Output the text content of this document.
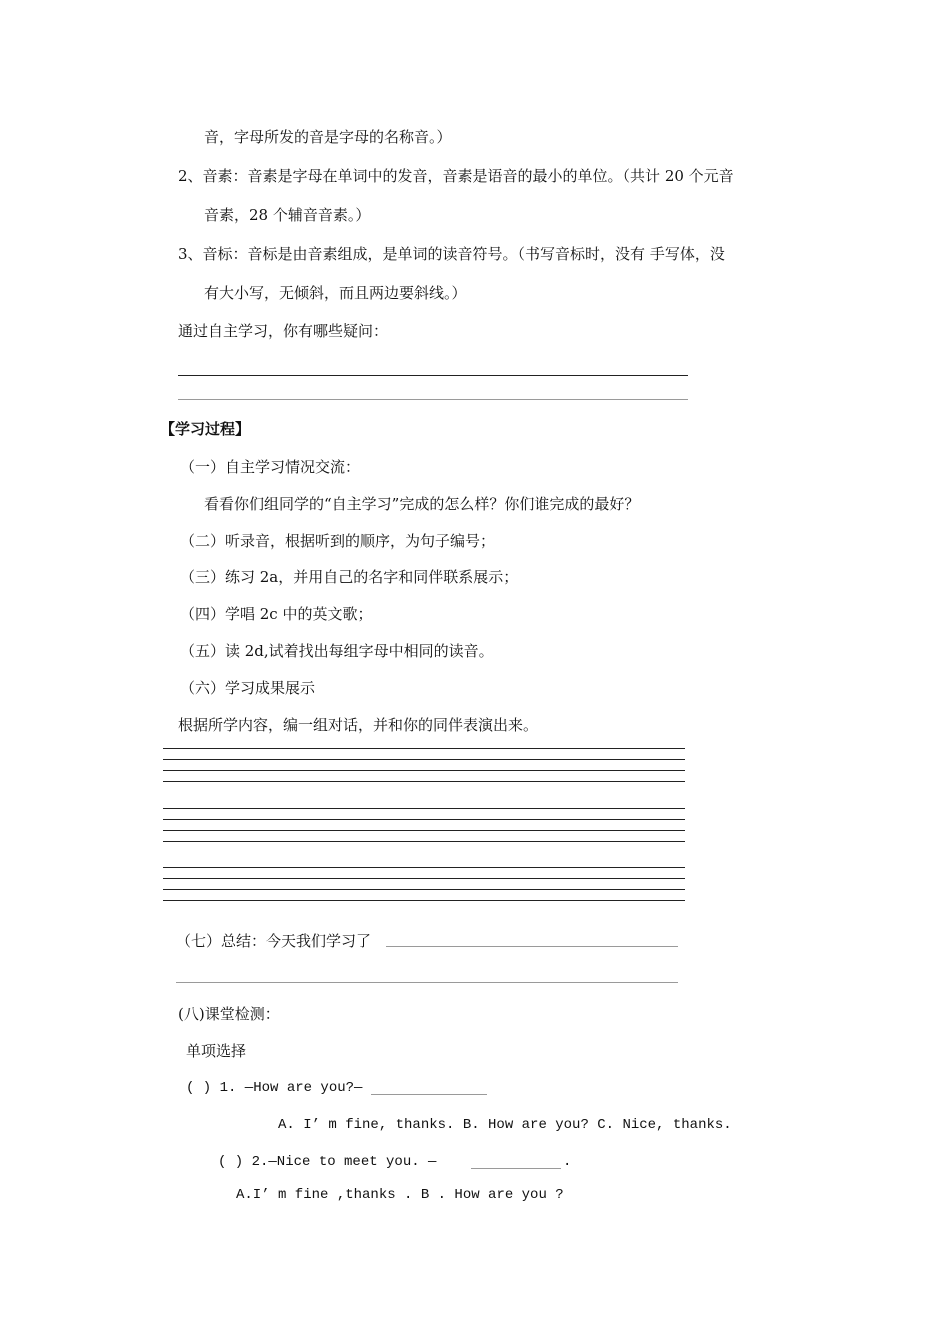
音，字母所发的音是字母的名称音。）
2、音素：音素是字母在单词中的发音，音素是语音的最小的单位。（共计 20 个元音
音素，28 个辅音音素。）
3、音标：音标是由音素组成，是单词的读音符号。（书写音标时，没有 手写体，没
有大小写，无倾斜，而且两边要斜线。）
通过自主学习，你有哪些疑问：
【学习过程】
（一）自主学习情况交流：
看看你们组同学的“自主学习”完成的怎么样？你们谁完成的最好？
（二）听录音，根据听到的顺序，为句子编号；
（三）练习 2a，并用自己的名字和同伴联系展示；
（四）学唱 2c 中的英文歌；
（五）读 2d,试着找出每组字母中相同的读音。
（六）学习成果展示
根据所学内容，编一组对话，并和你的同伴表演出来。
（七）总结：今天我们学习了
(八)课堂检测：
单项选择
( ) 1. —How are you?—
A. I’ m fine, thanks. B. How are you? C. Nice, thanks.
( ) 2.—Nice to meet you. —	.
A.I’ m fine ,thanks . B . How are you ?
